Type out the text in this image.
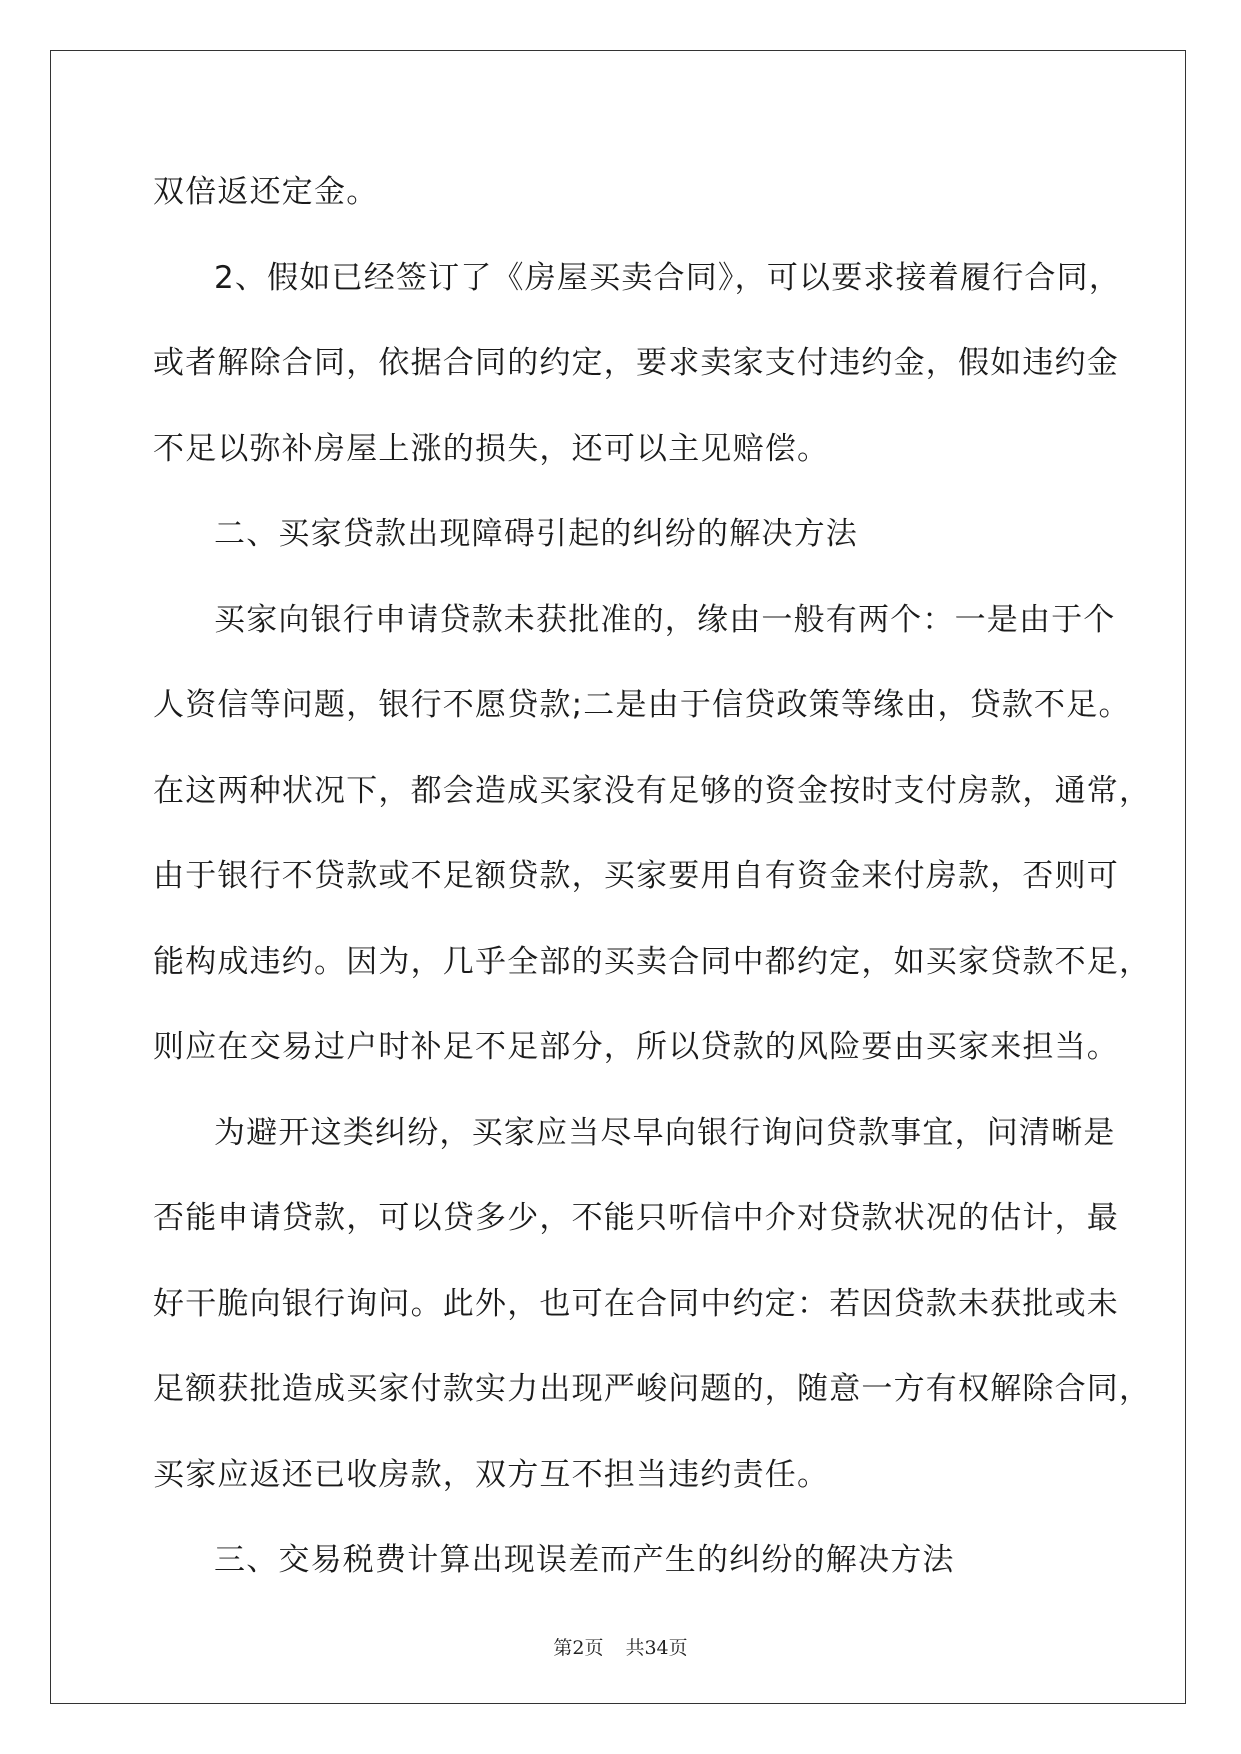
双倍返还定金。
2、假如已经签订了《房屋买卖合同》，可以要求接着履行合同，
或者解除合同，依据合同的约定，要求卖家支付违约金，假如违约金
不足以弥补房屋上涨的损失，还可以主见赔偿。
二、买家贷款出现障碍引起的纠纷的解决方法
买家向银行申请贷款未获批准的，缘由一般有两个：一是由于个
人资信等问题，银行不愿贷款;二是由于信贷政策等缘由，贷款不足。
在这两种状况下，都会造成买家没有足够的资金按时支付房款，通常，
由于银行不贷款或不足额贷款，买家要用自有资金来付房款，否则可
能构成违约。因为，几乎全部的买卖合同中都约定，如买家贷款不足，
则应在交易过户时补足不足部分，所以贷款的风险要由买家来担当。
为避开这类纠纷，买家应当尽早向银行询问贷款事宜，问清晰是
否能申请贷款，可以贷多少，不能只听信中介对贷款状况的估计，最
好干脆向银行询问。此外，也可在合同中约定：若因贷款未获批或未
足额获批造成买家付款实力出现严峻问题的，随意一方有权解除合同，
买家应返还已收房款，双方互不担当违约责任。
三、交易税费计算出现误差而产生的纠纷的解决方法
第2页 共34页
